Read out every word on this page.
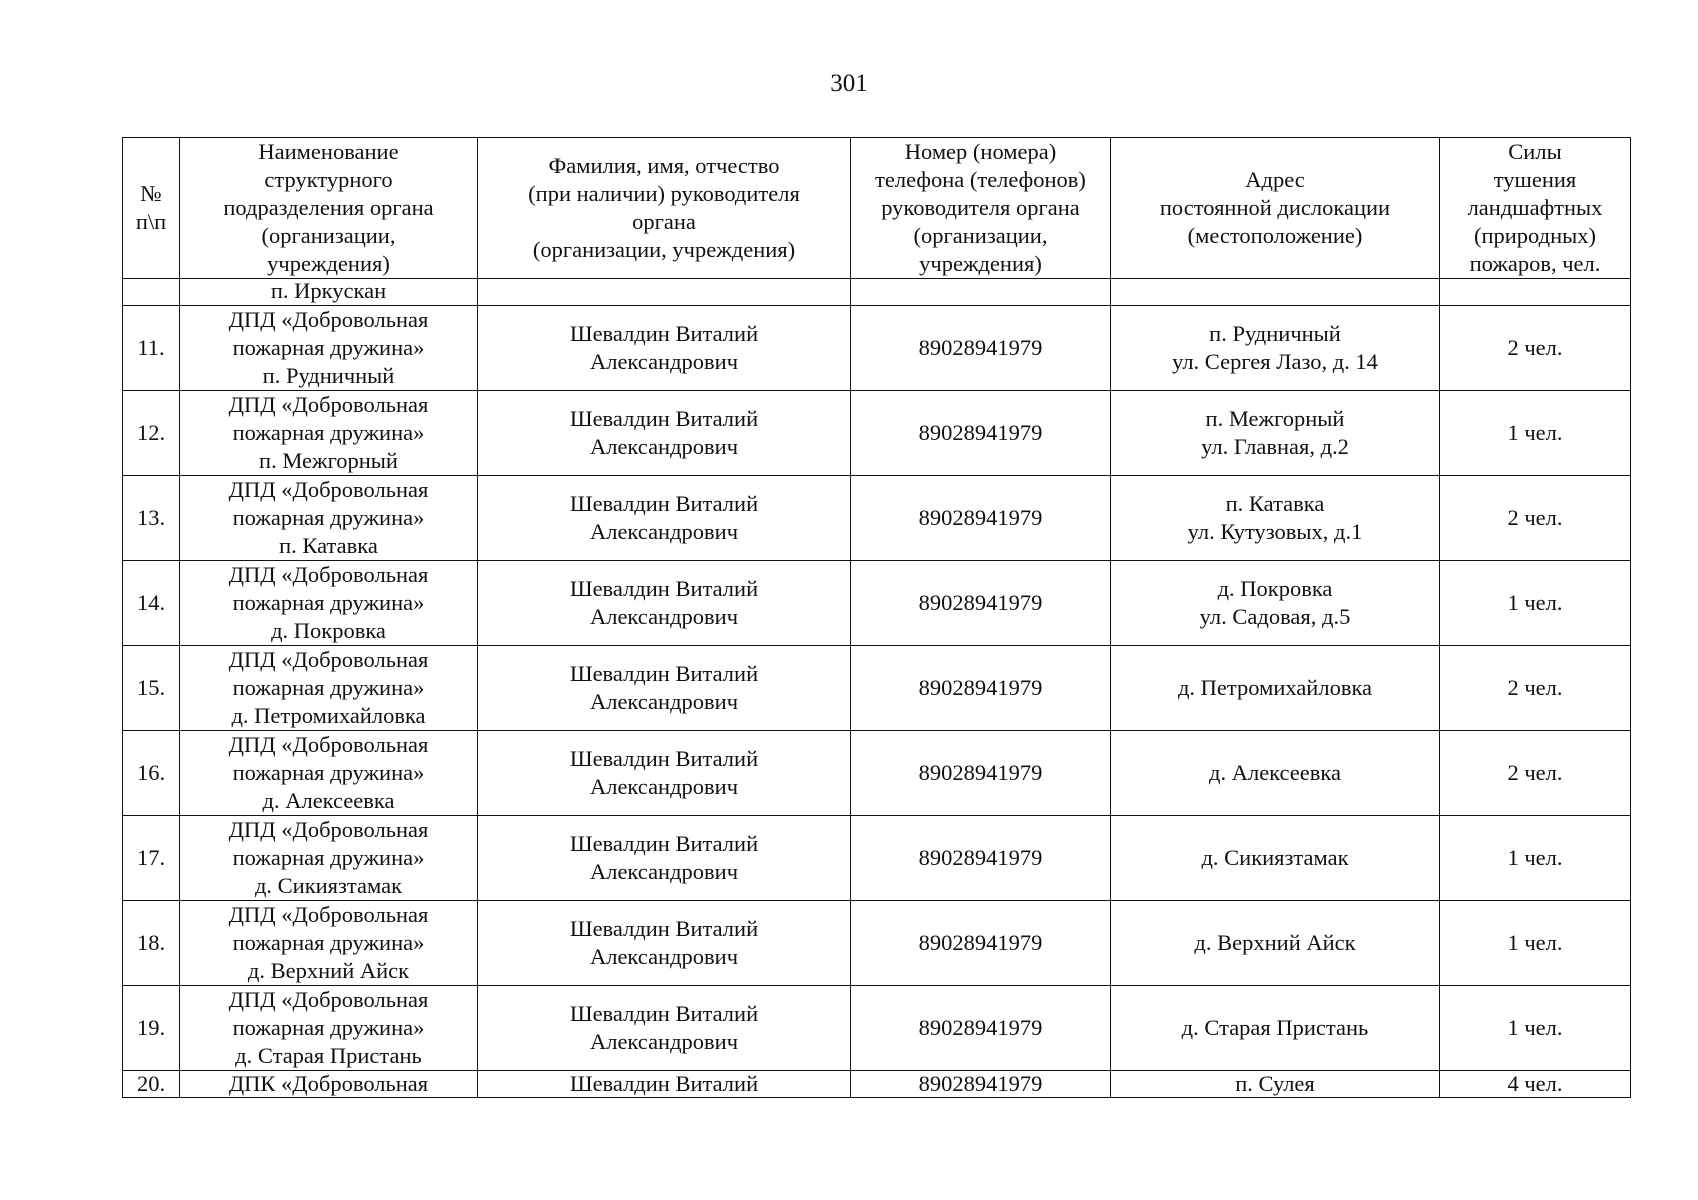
301
№
п\п	Наименование
структурного
подразделения органа
(организации,
учреждения)	Фамилия, имя, отчество
(при наличии) руководителя
органа
(организации, учреждения)	Номер (номера)
телефона (телефонов)
руководителя органа
(организации,
учреждения)	Адрес
постоянной дислокации
(местоположение)	Силы
тушения
ландшафтных
(природных)
пожаров, чел.

	п. Иркускан				
11.	ДПД «Добровольная
пожарная дружина»
п. Рудничный	Шевалдин Виталий
Александрович	89028941979	п. Рудничный
ул. Сергея Лазо, д. 14	2 чел.
12.	ДПД «Добровольная
пожарная дружина»
п. Межгорный	Шевалдин Виталий
Александрович	89028941979	п. Межгорный
ул. Главная, д.2	1 чел.
13.	ДПД «Добровольная
пожарная дружина»
п. Катавка	Шевалдин Виталий
Александрович	89028941979	п. Катавка
ул. Кутузовых, д.1	2 чел.
14.	ДПД «Добровольная
пожарная дружина»
д. Покровка	Шевалдин Виталий
Александрович	89028941979	д. Покровка
ул. Садовая, д.5	1 чел.
15.	ДПД «Добровольная
пожарная дружина»
д. Петромихайловка	Шевалдин Виталий
Александрович	89028941979	д. Петромихайловка	2 чел.
16.	ДПД «Добровольная
пожарная дружина»
д. Алексеевка	Шевалдин Виталий
Александрович	89028941979	д. Алексеевка	2 чел.
17.	ДПД «Добровольная
пожарная дружина»
д. Сикиязтамак	Шевалдин Виталий
Александрович	89028941979	д. Сикиязтамак	1 чел.
18.	ДПД «Добровольная
пожарная дружина»
д. Верхний Айск	Шевалдин Виталий
Александрович	89028941979	д. Верхний Айск	1 чел.
19.	ДПД «Добровольная
пожарная дружина»
д. Старая Пристань	Шевалдин Виталий
Александрович	89028941979	д. Старая Пристань	1 чел.
20.	ДПК «Добровольная	Шевалдин Виталий	89028941979	п. Сулея	4 чел.
